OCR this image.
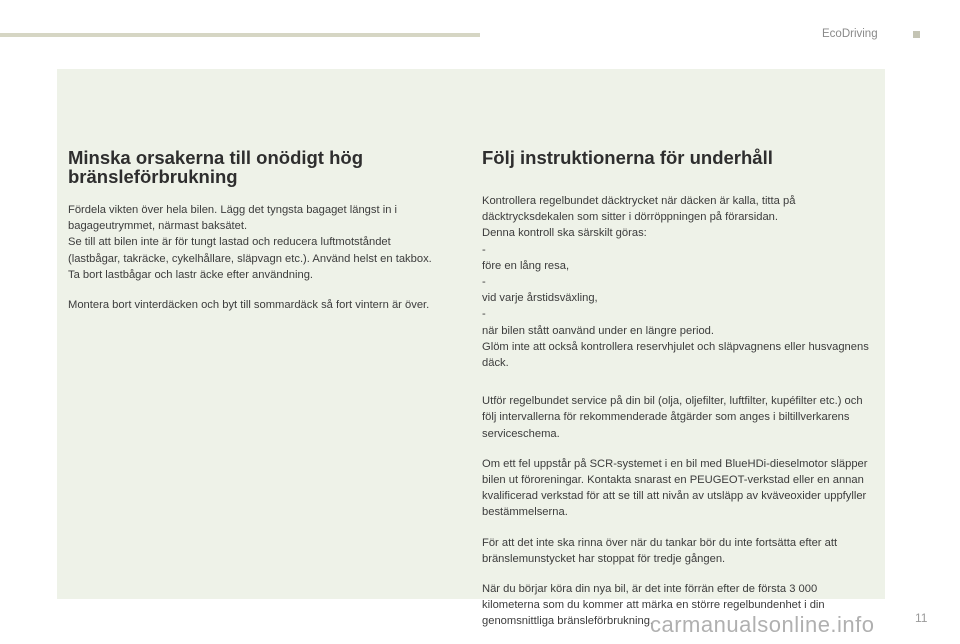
EcoDriving
Minska orsakerna till onödigt hög bränsleförbrukning

Fördela vikten över hela bilen. Lägg det tyngsta bagaget längst in i bagageutrymmet, närmast baksätet.
Se till att bilen inte är för tungt lastad och reducera luftmotståndet (lastbågar, takräcke, cykelhållare, släpvagn etc.). Använd helst en takbox.
Ta bort lastbågar och lastr äcke efter användning.

Montera bort vinterdäcken och byt till sommardäck så fort vintern är över.

Följ instruktionerna för underhåll

Kontrollera regelbundet däcktrycket när däcken är kalla, titta på däcktrycksdekalen som sitter i dörröppningen på förarsidan.
Denna kontroll ska särskilt göras:
-
före en lång resa,
-
vid varje årstidsväxling,
-
när bilen stått oanvänd under en längre period.
Glöm inte att också kontrollera reservhjulet och släpvagnens eller husvagnens däck.

Utför regelbundet service på din bil (olja, oljefilter, luftfilter, kupéfilter etc.) och följ intervallerna för rekommenderade åtgärder som anges i biltillverkarens serviceschema.

Om ett fel uppstår på SCR-systemet i en bil med BlueHDi-dieselmotor släpper bilen ut föroreningar. Kontakta snarast en PEUGEOT-verkstad eller en annan kvalificerad verkstad för att se till att nivån av utsläpp av kväveoxider uppfyller bestämmelserna.

För att det inte ska rinna över när du tankar bör du inte fortsätta efter att bränslemunstycket har stoppat för tredje gången.

När du börjar köra din nya bil, är det inte förrän efter de första 3 000 kilometerna som du kommer att märka en större regelbundenhet i din genomsnittliga bränsleförbrukning.

carmanualsonline.info	11
